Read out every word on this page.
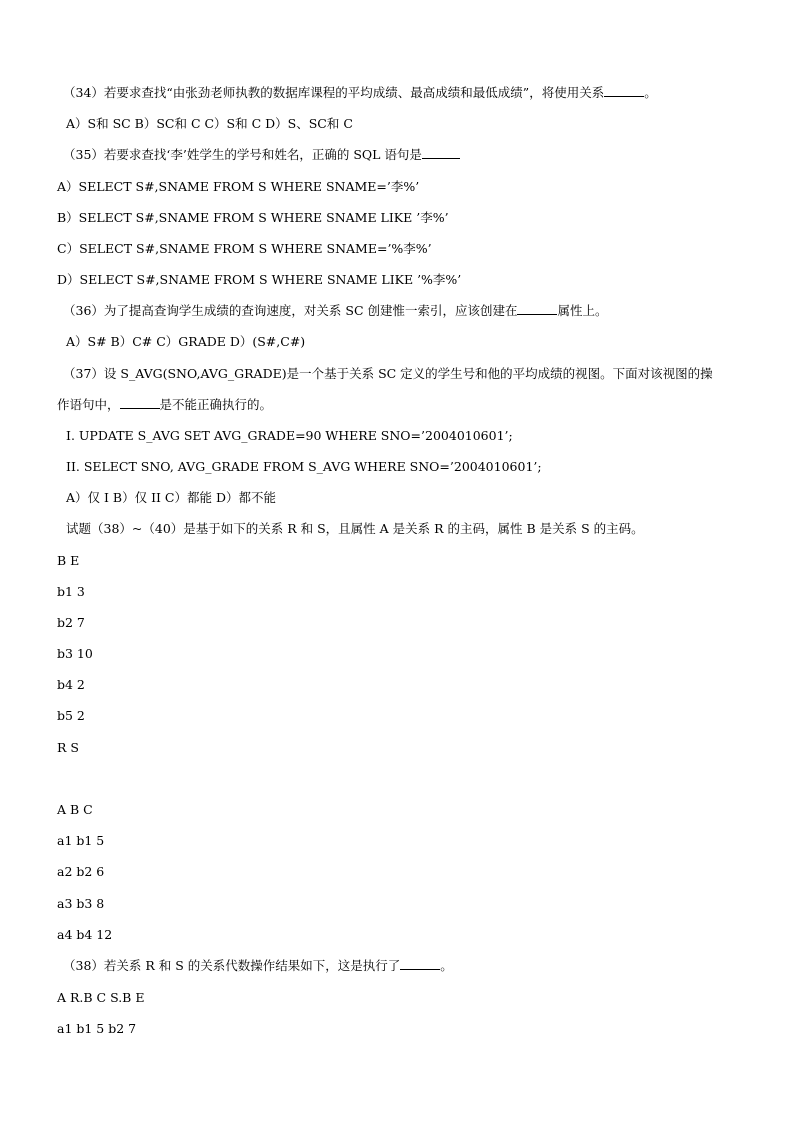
（34）若要求查找“由张劲老师执教的数据库课程的平均成绩、最高成绩和最低成绩”，将使用关系	。
A）S和 SC B）SC和 C C）S和 C D）S、SC和 C
（35）若要求查找‘李’姓学生的学号和姓名，正确的 SQL 语句是
A）SELECT S#,SNAME FROM S WHERE SNAME=’李%’
B）SELECT S#,SNAME FROM S WHERE SNAME LIKE ’李%’
C）SELECT S#,SNAME FROM S WHERE SNAME=’%李%’
D）SELECT S#,SNAME FROM S WHERE SNAME LIKE ’%李%’
（36）为了提高查询学生成绩的查询速度，对关系 SC 创建惟一索引，应该创建在	属性上。
A）S# B）C# C）GRADE D）(S#,C#)
（37）设 S_AVG(SNO,AVG_GRADE)是一个基于关系 SC 定义的学生号和他的平均成绩的视图。下面对该视图的操
作语句中，	是不能正确执行的。
I. UPDATE S_AVG SET AVG_GRADE=90 WHERE SNO=’2004010601’;
II. SELECT SNO, AVG_GRADE FROM S_AVG WHERE SNO=’2004010601’;
A）仅 I B）仅 II C）都能 D）都不能
试题（38）~（40）是基于如下的关系 R 和 S，且属性 A 是关系 R 的主码，属性 B 是关系 S 的主码。
B E
b1 3
b2 7
b3 10
b4 2
b5 2
R S
A B C
a1 b1 5
a2 b2 6
a3 b3 8
a4 b4 12
（38）若关系 R 和 S 的关系代数操作结果如下，这是执行了	。
A R.B C S.B E
a1 b1 5 b2 7
